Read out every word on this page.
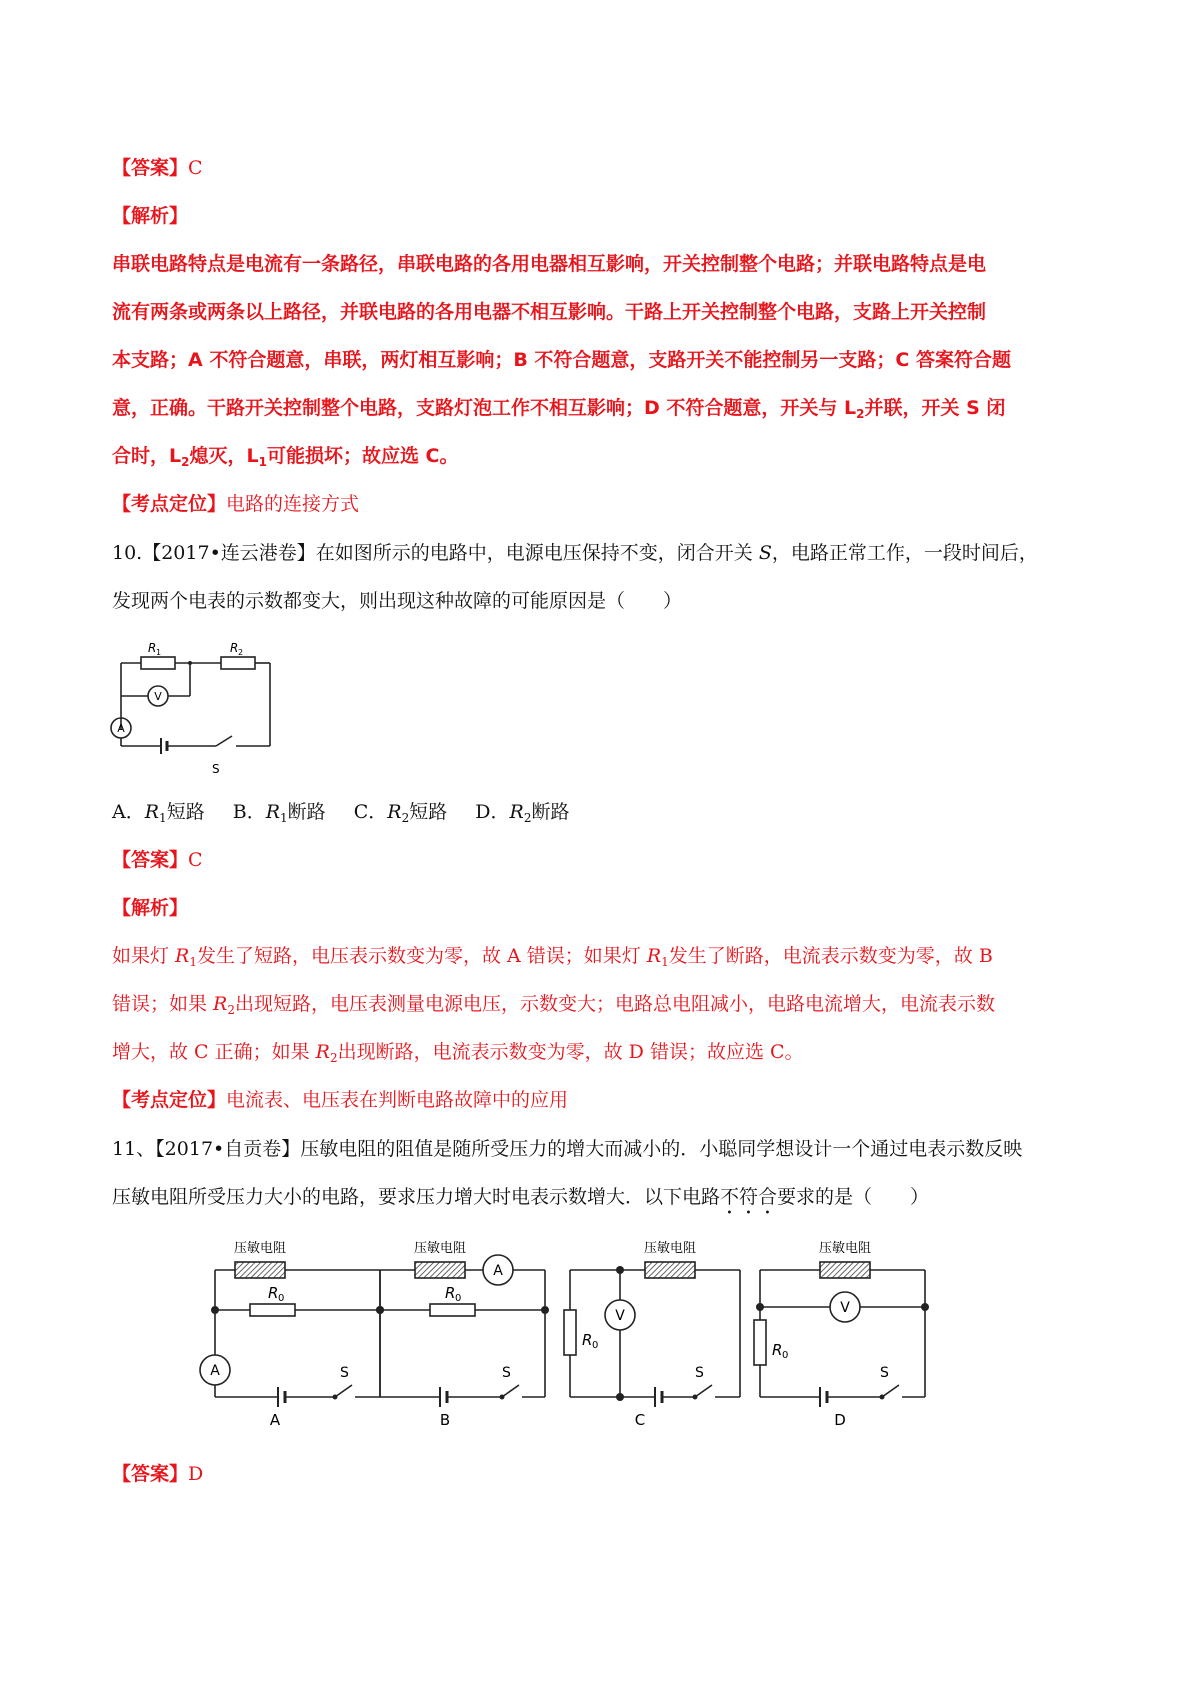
【答案】C
【解析】
串联电路特点是电流有一条路径，串联电路的各用电器相互影响，开关控制整个电路；并联电路特点是电
流有两条或两条以上路径，并联电路的各用电器不相互影响。干路上开关控制整个电路，支路上开关控制
本支路；A 不符合题意，串联，两灯相互影响；B 不符合题意，支路开关不能控制另一支路；C 答案符合题
意，正确。干路开关控制整个电路，支路灯泡工作不相互影响；D 不符合题意，开关与 $L_2$并联，开关 S 闭
合时，$L_2$熄灭，$L_1$可能损坏；故应选 C。
【考点定位】电路的连接方式
10.【2017•连云港卷】在如图所示的电路中，电源电压保持不变，闭合开关 S，电路正常工作，一段时间后，
发现两个电表的示数都变大，则出现这种故障的可能原因是（　　）
V
A
R 1	R 2
S
A．$R_1$短路 B．$R_1$断路 C．$R_2$短路 D．$R_2$断路
【答案】C
【解析】
如果灯 $R_1$发生了短路，电压表示数变为零，故 A 错误；如果灯 $R_1$发生了断路，电流表示数变为零，故 B
错误；如果 $R_2$出现短路，电压表测量电源电压，示数变大；电路总电阻减小，电路电流增大，电流表示数
增大，故 C 正确；如果 $R_2$出现断路，电流表示数变为零，故 D 错误；故应选 C。
【考点定位】电流表、电压表在判断电路故障中的应用
11、【2017•自贡卷】压敏电阻的阻值是随所受压力的增大而减小的．小聪同学想设计一个通过电表示数反映
压敏电阻所受压力大小的电路，要求压力增大时电表示数增大．以下电路不符合要求的是（　　）
压敏电阻
R 0
A	S
A
压敏电阻
R 0
A
S
B
压敏电阻
R 0
V
S
C
压敏电阻
R 0
V
S
D
【答案】D
